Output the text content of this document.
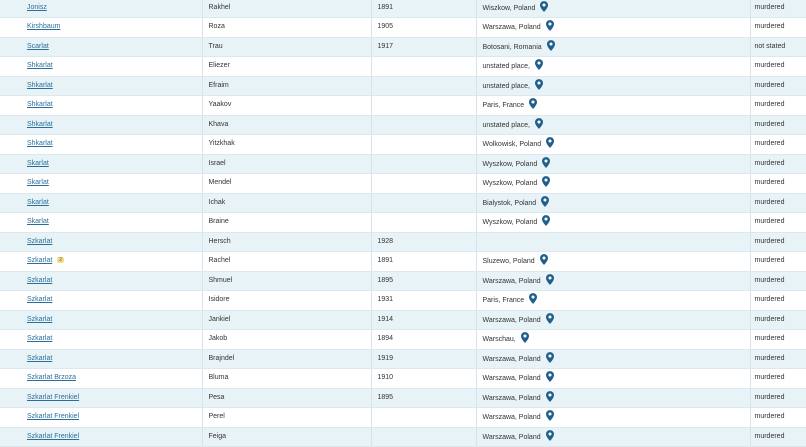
Jonisz	Rakhel	1891	Wiszkow, Poland	murdered
Kirshbaum	Roza	1905	Warszawa, Poland	murdered
Scarlat	Trau	1917	Botosani, Romania	not stated
Shkarlat	Eliezer		unstated place,	murdered
Shkarlat	Efraim		unstated place,	murdered
Shkarlat	Yaakov		Paris, France	murdered
Shkarlat	Khava		unstated place,	murdered
Shkarlat	Yitzkhak		Wolkowisk, Poland	murdered
Skarlat	Israel		Wyszkow, Poland	murdered
Skarlat	Mendel		Wyszkow, Poland	murdered
Skarlat	Ichak		Bialystok, Poland	murdered
Skarlat	Braine		Wyszkow, Poland	murdered
Szkarlat	Hersch	1928		murdered
Szkarlat 2	Rachel	1891	Sluzewo, Poland	murdered
Szkarlat	Shmuel	1895	Warszawa, Poland	murdered
Szkarlat	Isidore	1931	Paris, France	murdered
Szkarlat	Jankiel	1914	Warszawa, Poland	murdered
Szkarlat	Jakob	1894	Warschau,	murdered
Szkarlat	Brajndel	1919	Warszawa, Poland	murdered
Szkarlat Brzoza	Bluma	1910	Warszawa, Poland	murdered
Szkarlat Frenkiel	Pesa	1895	Warszawa, Poland	murdered
Szkarlat Frenkiel	Perel		Warszawa, Poland	murdered
Szkarlat Frenkiel	Feiga		Warszawa, Poland	murdered
